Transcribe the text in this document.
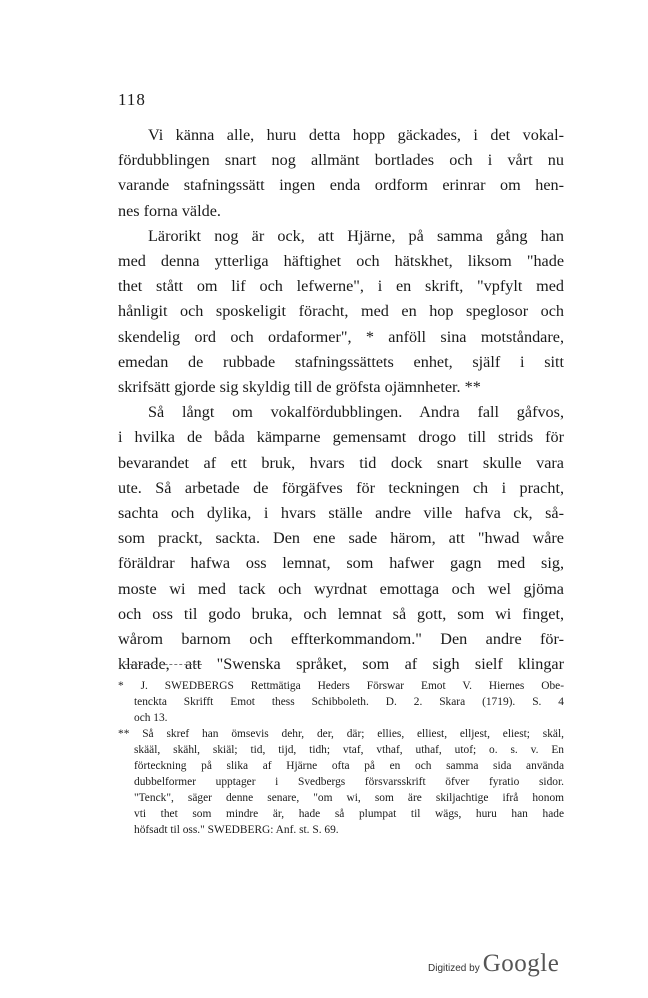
118
Vi känna alle, huru detta hopp gäckades, i det vokal-
fördubblingen snart nog allmänt bortlades och i vårt nu
varande stafningssätt ingen enda ordform erinrar om hen-
nes forna välde.
Lärorikt nog är ock, att Hjärne, på samma gång han
med denna ytterliga häftighet och hätskhet, liksom "hade
thet stått om lif och lefwerne", i en skrift, "vpfylt med
hånligit och sposkeligit föracht, med en hop speglosor och
skendelig ord och ordaformer", * anföll sina motståndare,
emedan de rubbade stafningssättets enhet, själf i sitt
skrifsätt gjorde sig skyldig till de gröfsta ojämnheter. **
Så långt om vokalfördubblingen. Andra fall gåfvos,
i hvilka de båda kämparne gemensamt drogo till strids för
bevarandet af ett bruk, hvars tid dock snart skulle vara
ute. Så arbetade de förgäfves för teckningen ch i pracht,
sachta och dylika, i hvars ställe andre ville hafva ck, så-
som prackt, sackta. Den ene sade härom, att "hwad wåre
föräldrar hafwa oss lemnat, som hafwer gagn med sig,
moste wi med tack och wyrdnat emottaga och wel gjöma
och oss til godo bruka, och lemnat så gott, som wi finget,
wårom barnom och effterkommandom." Den andre för-
klarade, att "Swenska språket, som af sigh sielf klingar
* J. SWEDBERGS Rettmätiga Heders Förswar Emot V. Hiernes Obe-
tenckta Skrifft Emot thess Schibboleth. D. 2. Skara (1719). S. 4
och 13.
** Så skref han ömsevis dehr, der, där; ellies, elliest, elljest, eliest; skäl,
skääl, skähl, skiäl; tid, tijd, tidh; vtaf, vthaf, uthaf, utof; o. s. v. En
förteckning på slika af Hjärne ofta på en och samma sida använda
dubbelformer upptager i Svedbergs försvarsskrift öfver fyratio sidor.
"Tenck", säger denne senare, "om wi, som äre skiljachtige ifrå honom
vti thet som mindre är, hade så plumpat til wägs, huru han hade
höfsadt til oss." SWEDBERG: Anf. st. S. 69.
Digitized by Google
